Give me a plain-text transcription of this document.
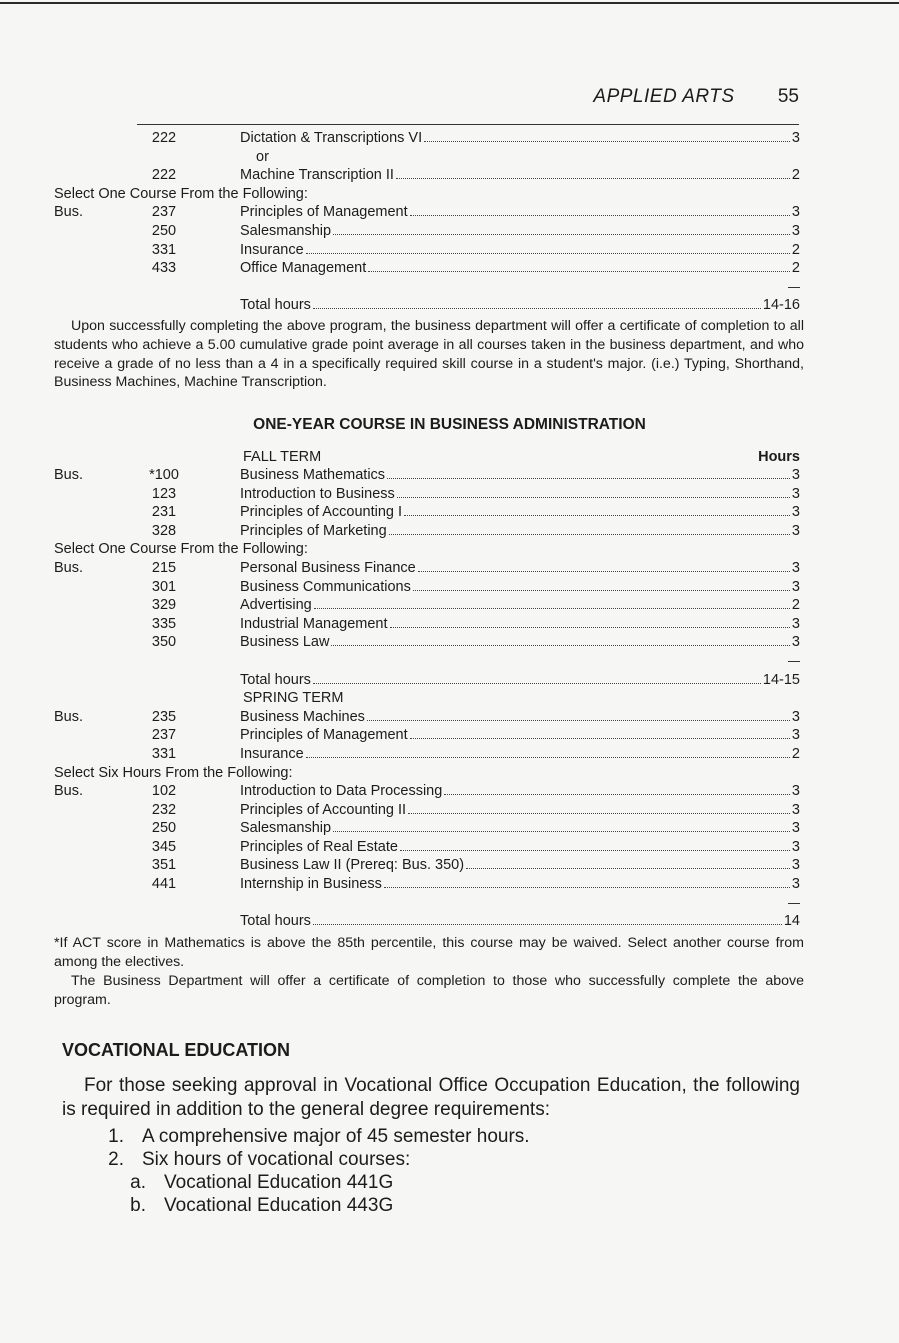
APPLIED ARTS 55
222	Dictation & Transcriptions VI	3
or
222	Machine Transcription II	2
Select One Course From the Following:
Bus.	237	Principles of Management	3
250	Salesmanship	3
331	Insurance	2
433	Office Management	2
Total hours	14-16
Upon successfully completing the above program, the business department will offer a certificate of completion to all students who achieve a 5.00 cumulative grade point average in all courses taken in the business department, and who receive a grade of no less than a 4 in a specifically required skill course in a student's major. (i.e.) Typing, Shorthand, Business Machines, Machine Transcription.
ONE-YEAR COURSE IN BUSINESS ADMINISTRATION
FALL TERM	Hours
Bus.	*100	Business Mathematics	3
123	Introduction to Business	3
231	Principles of Accounting I	3
328	Principles of Marketing	3
Select One Course From the Following:
Bus.	215	Personal Business Finance	3
301	Business Communications	3
329	Advertising	2
335	Industrial Management	3
350	Business Law	3
Total hours	14-15
SPRING TERM
Bus.	235	Business Machines	3
237	Principles of Management	3
331	Insurance	2
Select Six Hours From the Following:
Bus.	102	Introduction to Data Processing	3
232	Principles of Accounting II	3
250	Salesmanship	3
345	Principles of Real Estate	3
351	Business Law II (Prereq: Bus. 350)	3
441	Internship in Business	3
Total hours	14
*If ACT score in Mathematics is above the 85th percentile, this course may be waived. Select another course from among the electives.
The Business Department will offer a certificate of completion to those who successfully complete the above program.
VOCATIONAL EDUCATION
For those seeking approval in Vocational Office Occupation Education, the following is required in addition to the general degree requirements:
1. A comprehensive major of 45 semester hours.
2. Six hours of vocational courses:
a. Vocational Education 441G
b. Vocational Education 443G
